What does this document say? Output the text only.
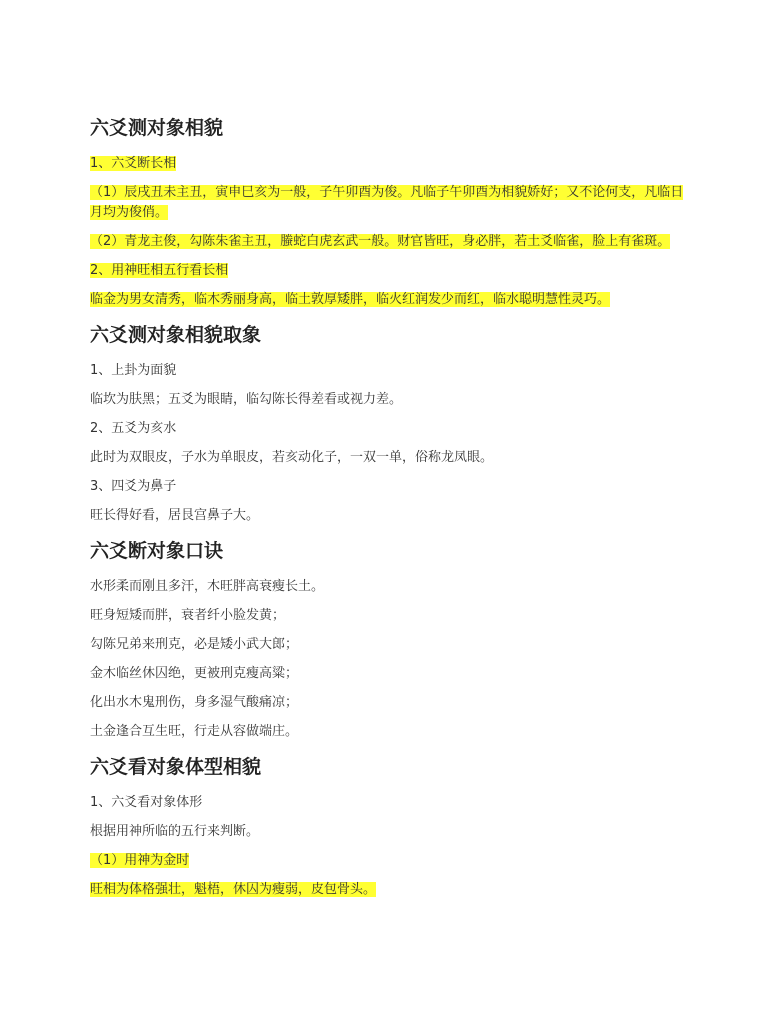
六爻测对象相貌

1、六爻断长相

（1）辰戌丑未主丑，寅申巳亥为一般，子午卯酉为俊。凡临子午卯酉为相貌娇好；又不论何支，凡临日月均为俊俏。

（2）青龙主俊，勾陈朱雀主丑，螣蛇白虎玄武一般。财官皆旺，身必胖，若土爻临雀，脸上有雀斑。

2、用神旺相五行看长相

临金为男女清秀，临木秀丽身高，临土敦厚矮胖，临火红润发少而红，临水聪明慧性灵巧。

六爻测对象相貌取象

1、上卦为面貌

临坎为肤黑；五爻为眼睛，临勾陈长得差看或视力差。

2、五爻为亥水

此时为双眼皮，子水为单眼皮，若亥动化子，一双一单，俗称龙凤眼。

3、四爻为鼻子

旺长得好看，居艮宫鼻子大。

六爻断对象口诀

水形柔而刚且多汗，木旺胖高衰瘦长土。

旺身短矮而胖，衰者纤小脸发黄；

勾陈兄弟来刑克，必是矮小武大郎；

金木临丝休囚绝，更被刑克瘦高粱；

化出水木鬼刑伤，身多湿气酸痛凉；

土金逢合互生旺，行走从容做端庄。

六爻看对象体型相貌

1、六爻看对象体形

根据用神所临的五行来判断。

（1）用神为金时

旺相为体格强壮，魁梧，休囚为瘦弱，皮包骨头。
